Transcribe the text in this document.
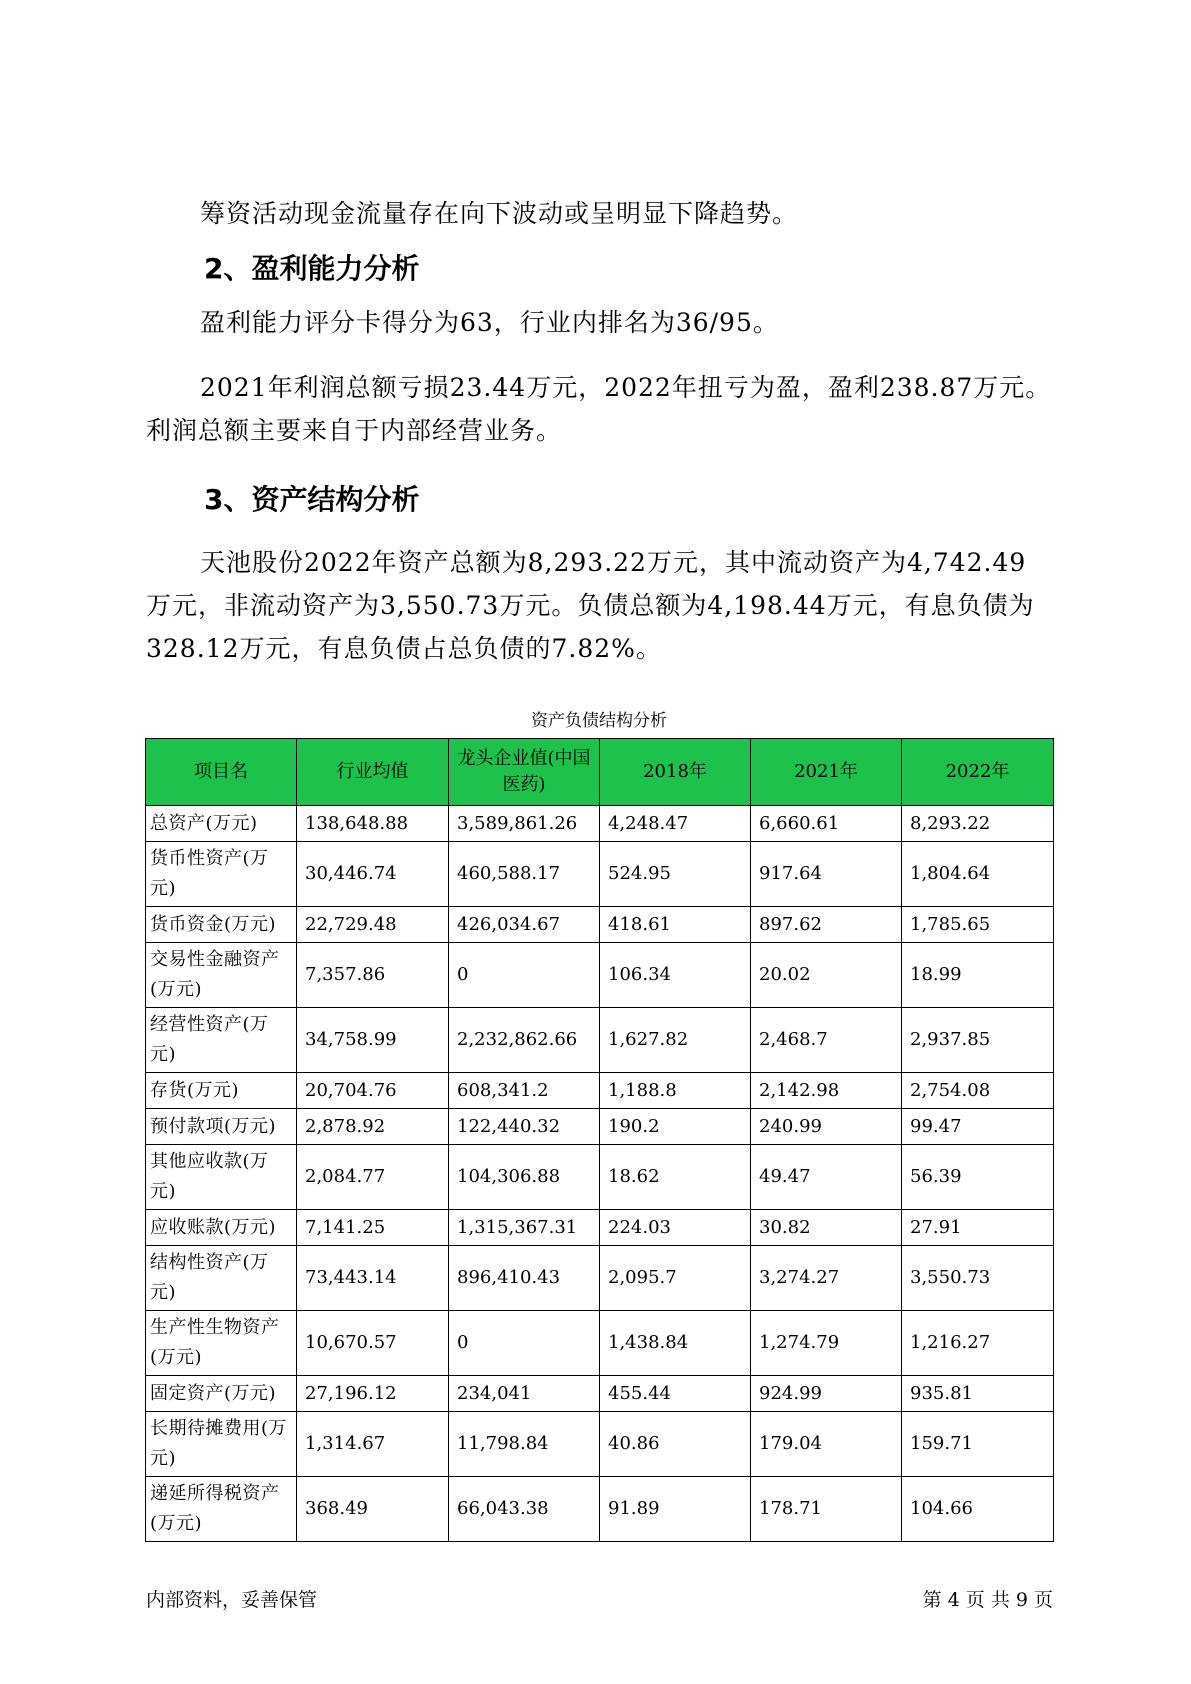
筹资活动现金流量存在向下波动或呈明显下降趋势。

2、盈利能力分析

盈利能力评分卡得分为63，行业内排名为36/95。

2021年利润总额亏损23.44万元，2022年扭亏为盈，盈利238.87万元。利润总额主要来自于内部经营业务。

3、资产结构分析

天池股份2022年资产总额为8,293.22万元，其中流动资产为4,742.49万元，非流动资产为3,550.73万元。负债总额为4,198.44万元，有息负债为328.12万元，有息负债占总负债的7.82%。

资产负债结构分析
项目名	行业均值	龙头企业值(中国医药)	2018年	2021年	2022年
总资产(万元)	138,648.88	3,589,861.26	4,248.47	6,660.61	8,293.22
货币性资产(万元)	30,446.74	460,588.17	524.95	917.64	1,804.64
货币资金(万元)	22,729.48	426,034.67	418.61	897.62	1,785.65
交易性金融资产(万元)	7,357.86	0	106.34	20.02	18.99
经营性资产(万元)	34,758.99	2,232,862.66	1,627.82	2,468.7	2,937.85
存货(万元)	20,704.76	608,341.2	1,188.8	2,142.98	2,754.08
预付款项(万元)	2,878.92	122,440.32	190.2	240.99	99.47
其他应收款(万元)	2,084.77	104,306.88	18.62	49.47	56.39
应收账款(万元)	7,141.25	1,315,367.31	224.03	30.82	27.91
结构性资产(万元)	73,443.14	896,410.43	2,095.7	3,274.27	3,550.73
生产性生物资产(万元)	10,670.57	0	1,438.84	1,274.79	1,216.27
固定资产(万元)	27,196.12	234,041	455.44	924.99	935.81
长期待摊费用(万元)	1,314.67	11,798.84	40.86	179.04	159.71
递延所得税资产(万元)	368.49	66,043.38	91.89	178.71	104.66
内部资料，妥善保管	第 4 页 共 9 页
